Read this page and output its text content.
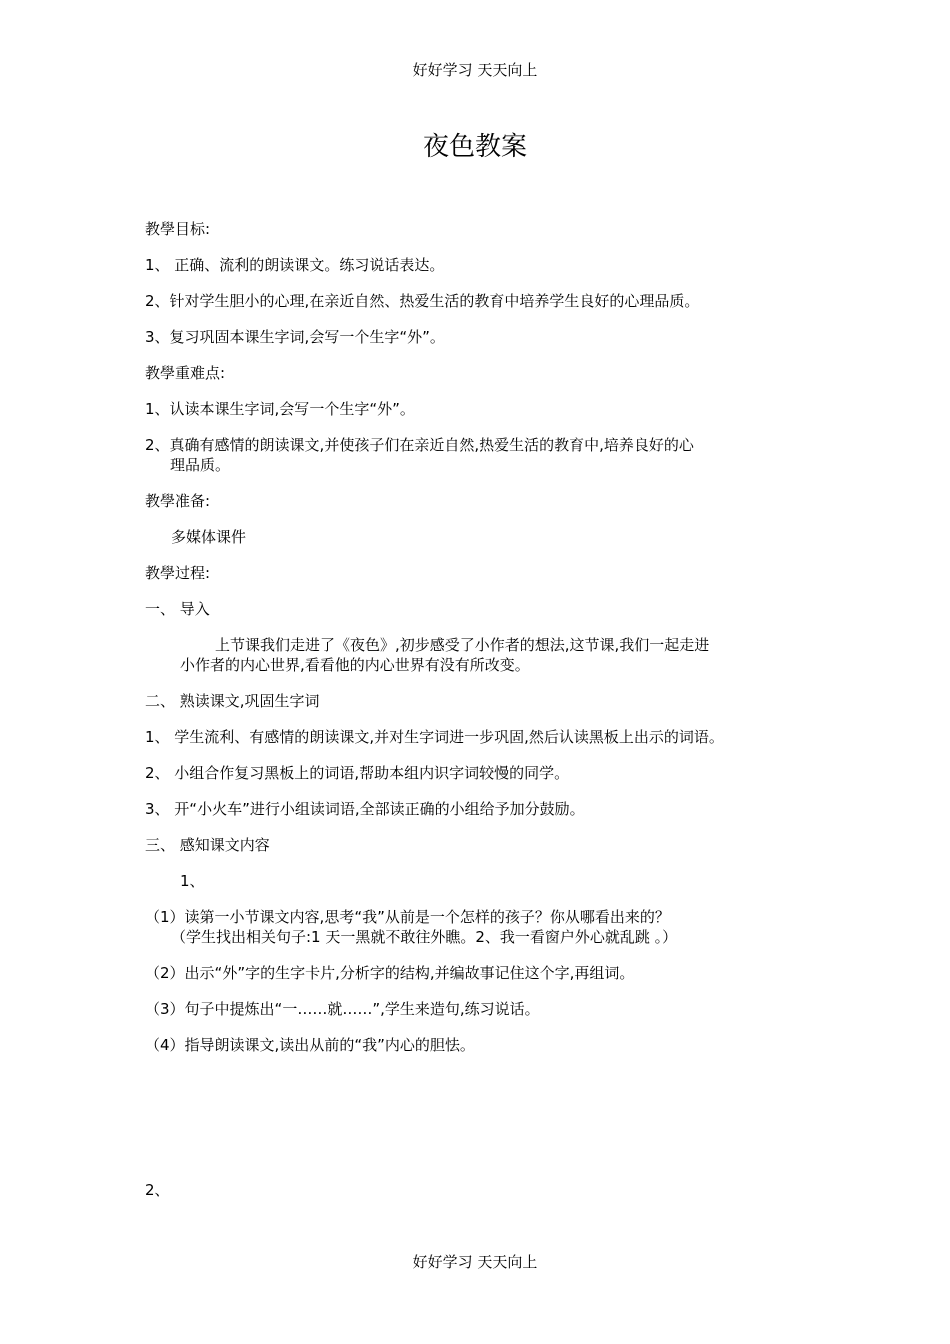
好好学习 天天向上
夜色教案
教學目标:
1、 正确、流利的朗读课文。练习说话表达。
2、针对学生胆小的心理,在亲近自然、热爱生活的教育中培养学生良好的心理品质。
3、复习巩固本课生字词,会写一个生字“外”。
教學重难点:
1、认读本课生字词,会写一个生字“外”。
2、真确有感情的朗读课文,并使孩子们在亲近自然,热爱生活的教育中,培养良好的心
理品质。
教學准备:
多媒体课件
教學过程:
一、 导入
上节课我们走进了《夜色》,初步感受了小作者的想法,这节课,我们一起走进
小作者的内心世界,看看他的内心世界有没有所改变。
二、 熟读课文,巩固生字词
1、 学生流利、有感情的朗读课文,并对生字词进一步巩固,然后认读黑板上出示的词语。
2、 小组合作复习黑板上的词语,帮助本组内识字词较慢的同学。
3、 开“小火车”进行小组读词语,全部读正确的小组给予加分鼓励。
三、 感知课文内容
1、
（1）读第一小节课文内容,思考“我”从前是一个怎样的孩子？你从哪看出来的？
（学生找出相关句子:1 天一黑就不敢往外瞧。2、我一看窗户外心就乱跳 。）
（2）出示“外”字的生字卡片,分析字的结构,并编故事记住这个字,再组词。
（3）句子中提炼出“一……就……”,学生来造句,练习说话。
（4）指导朗读课文,读出从前的“我”内心的胆怯。
2、
好好学习 天天向上
